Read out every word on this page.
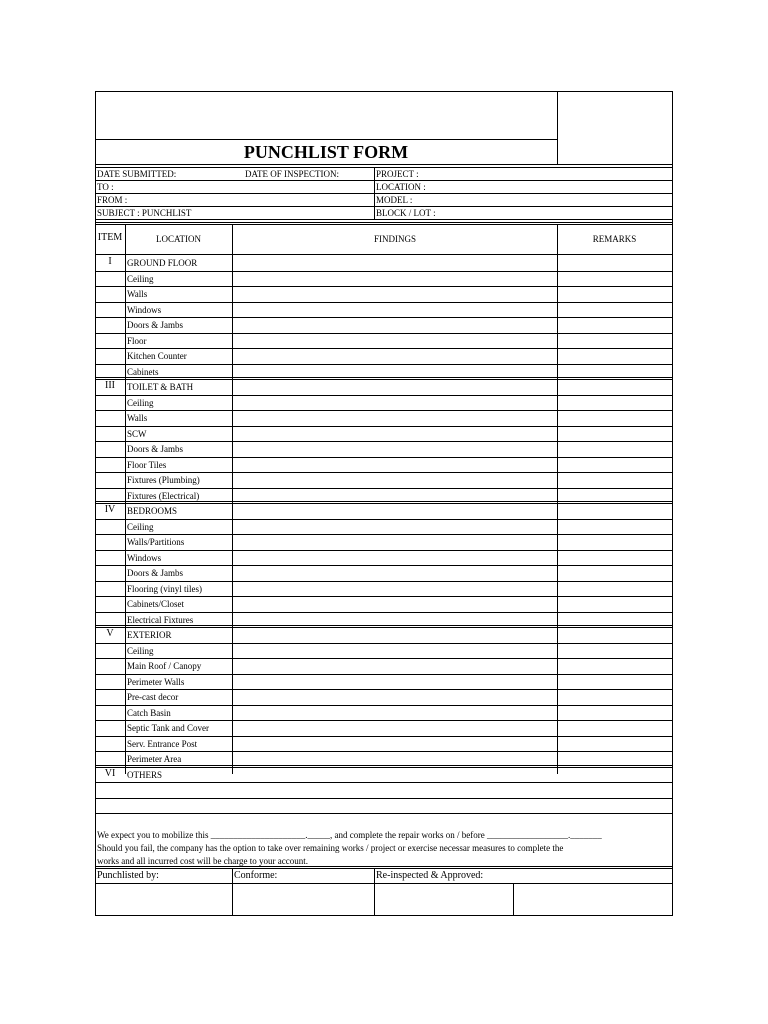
PUNCHLIST FORM
DATE SUBMITTED:	DATE OF INSPECTION:	PROJECT :
TO :	LOCATION :
FROM :	MODEL :
SUBJECT : PUNCHLIST	BLOCK / LOT :
ITEM	LOCATION	FINDINGS	REMARKS
I	GROUND FLOOR
Ceiling
Walls
Windows
Doors & Jambs
Floor
Kitchen Counter
Cabinets
III	TOILET & BATH
Ceiling
Walls
SCW
Doors & Jambs
Floor Tiles
Fixtures (Plumbing)
Fixtures (Electrical)
IV	BEDROOMS
Ceiling
Walls/Partitions
Windows
Doors & Jambs
Flooring (vinyl tiles)
Cabinets/Closet
Electrical Fixtures
V	EXTERIOR
Ceiling
Main Roof / Canopy
Perimeter Walls
Pre-cast decor
Catch Basin
Septic Tank and Cover
Serv. Entrance Post
Perimeter Area
VI	OTHERS
We expect you to mobilize this _____________________._____, and complete the repair works on / before __________________._______
Should you fail, the company has the option to take over remaining works / project or exercise necessar measures to complete the
works and all incurred cost will be charge to your account.
Punchlisted by:	Conforme:	Re-inspected & Approved:
